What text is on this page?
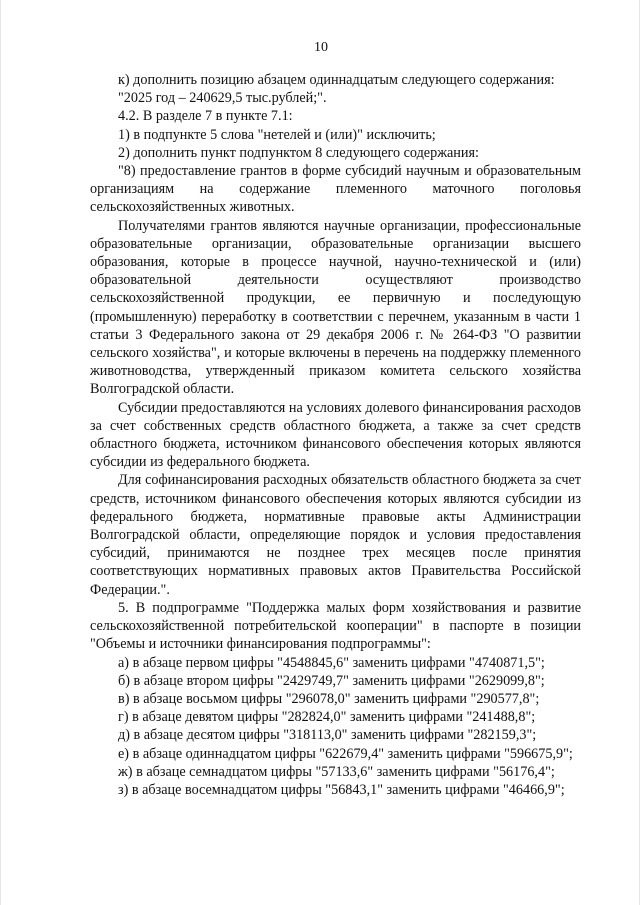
10

к) дополнить позицию абзацем одиннадцатым следующего содержания:

"2025 год – 240629,5 тыс.рублей;".

4.2. В разделе 7 в пункте 7.1:

1) в подпункте 5 слова "нетелей и (или)" исключить;

2) дополнить пункт подпунктом 8 следующего содержания:

"8) предоставление грантов в форме субсидий научным и образовательным организациям на содержание племенного маточного поголовья сельскохозяйственных животных.

Получателями грантов являются научные организации, профессиональные образовательные организации, образовательные организации высшего образования, которые в процессе научной, научно-технической и (или) образовательной деятельности осуществляют производство сельскохозяйственной продукции, ее первичную и последующую (промышленную) переработку в соответствии с перечнем, указанным в части 1 статьи 3 Федерального закона от 29 декабря 2006 г. № 264-ФЗ "О развитии сельского хозяйства", и которые включены в перечень на поддержку племенного животноводства, утвержденный приказом комитета сельского хозяйства Волгоградской области.

Субсидии предоставляются на условиях долевого финансирования расходов за счет собственных средств областного бюджета, а также за счет средств областного бюджета, источником финансового обеспечения которых являются субсидии из федерального бюджета.

Для софинансирования расходных обязательств областного бюджета за счет средств, источником финансового обеспечения которых являются субсидии из федерального бюджета, нормативные правовые акты Администрации Волгоградской области, определяющие порядок и условия предоставления субсидий, принимаются не позднее трех месяцев после принятия соответствующих нормативных правовых актов Правительства Российской Федерации.".

5. В подпрограмме "Поддержка малых форм хозяйствования и развитие сельскохозяйственной потребительской кооперации" в паспорте в позиции "Объемы и источники финансирования подпрограммы":

а) в абзаце первом цифры "4548845,6" заменить цифрами "4740871,5";

б) в абзаце втором цифры "2429749,7" заменить цифрами "2629099,8";

в) в абзаце восьмом цифры "296078,0" заменить цифрами "290577,8";

г) в абзаце девятом цифры "282824,0" заменить цифрами "241488,8";

д) в абзаце десятом цифры "318113,0" заменить цифрами "282159,3";

е) в абзаце одиннадцатом цифры "622679,4" заменить цифрами "596675,9";

ж) в абзаце семнадцатом цифры "57133,6" заменить цифрами "56176,4";

з) в абзаце восемнадцатом цифры "56843,1" заменить цифрами "46466,9";
